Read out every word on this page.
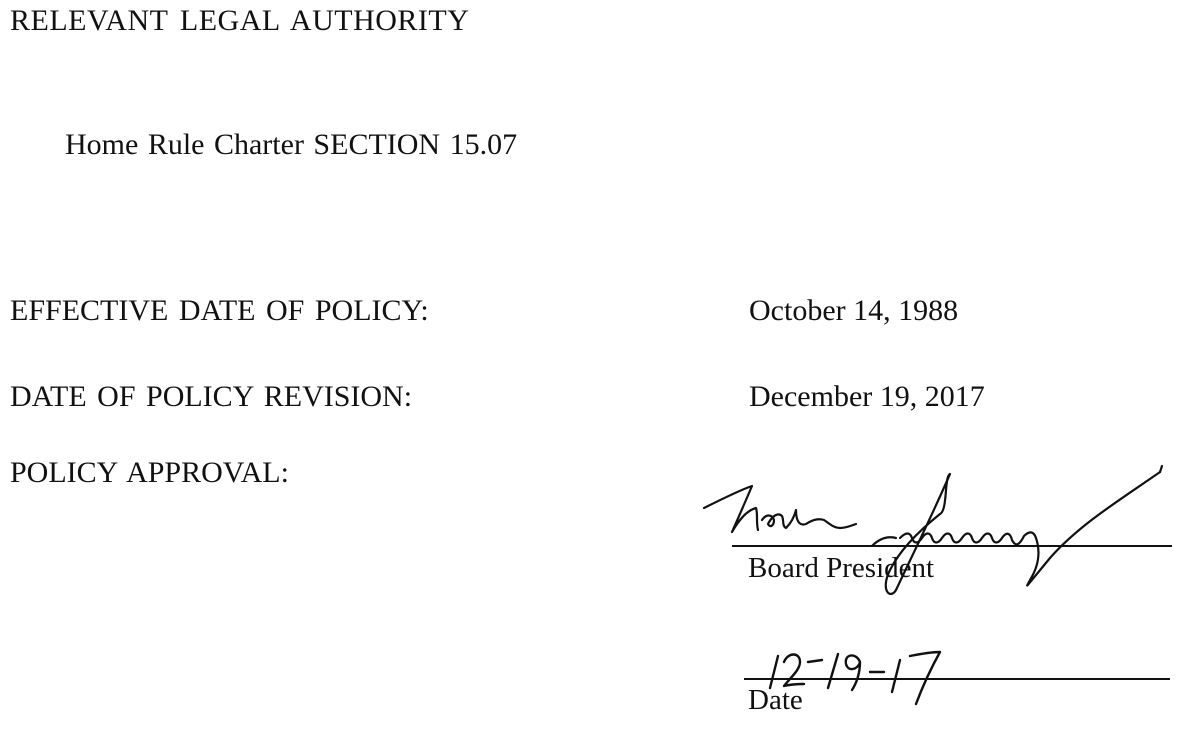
RELEVANT LEGAL AUTHORITY
Home Rule Charter SECTION 15.07
EFFECTIVE DATE OF POLICY:	October 14, 1988
DATE OF POLICY REVISION:	December 19, 2017
POLICY APPROVAL:
Board President
Date
